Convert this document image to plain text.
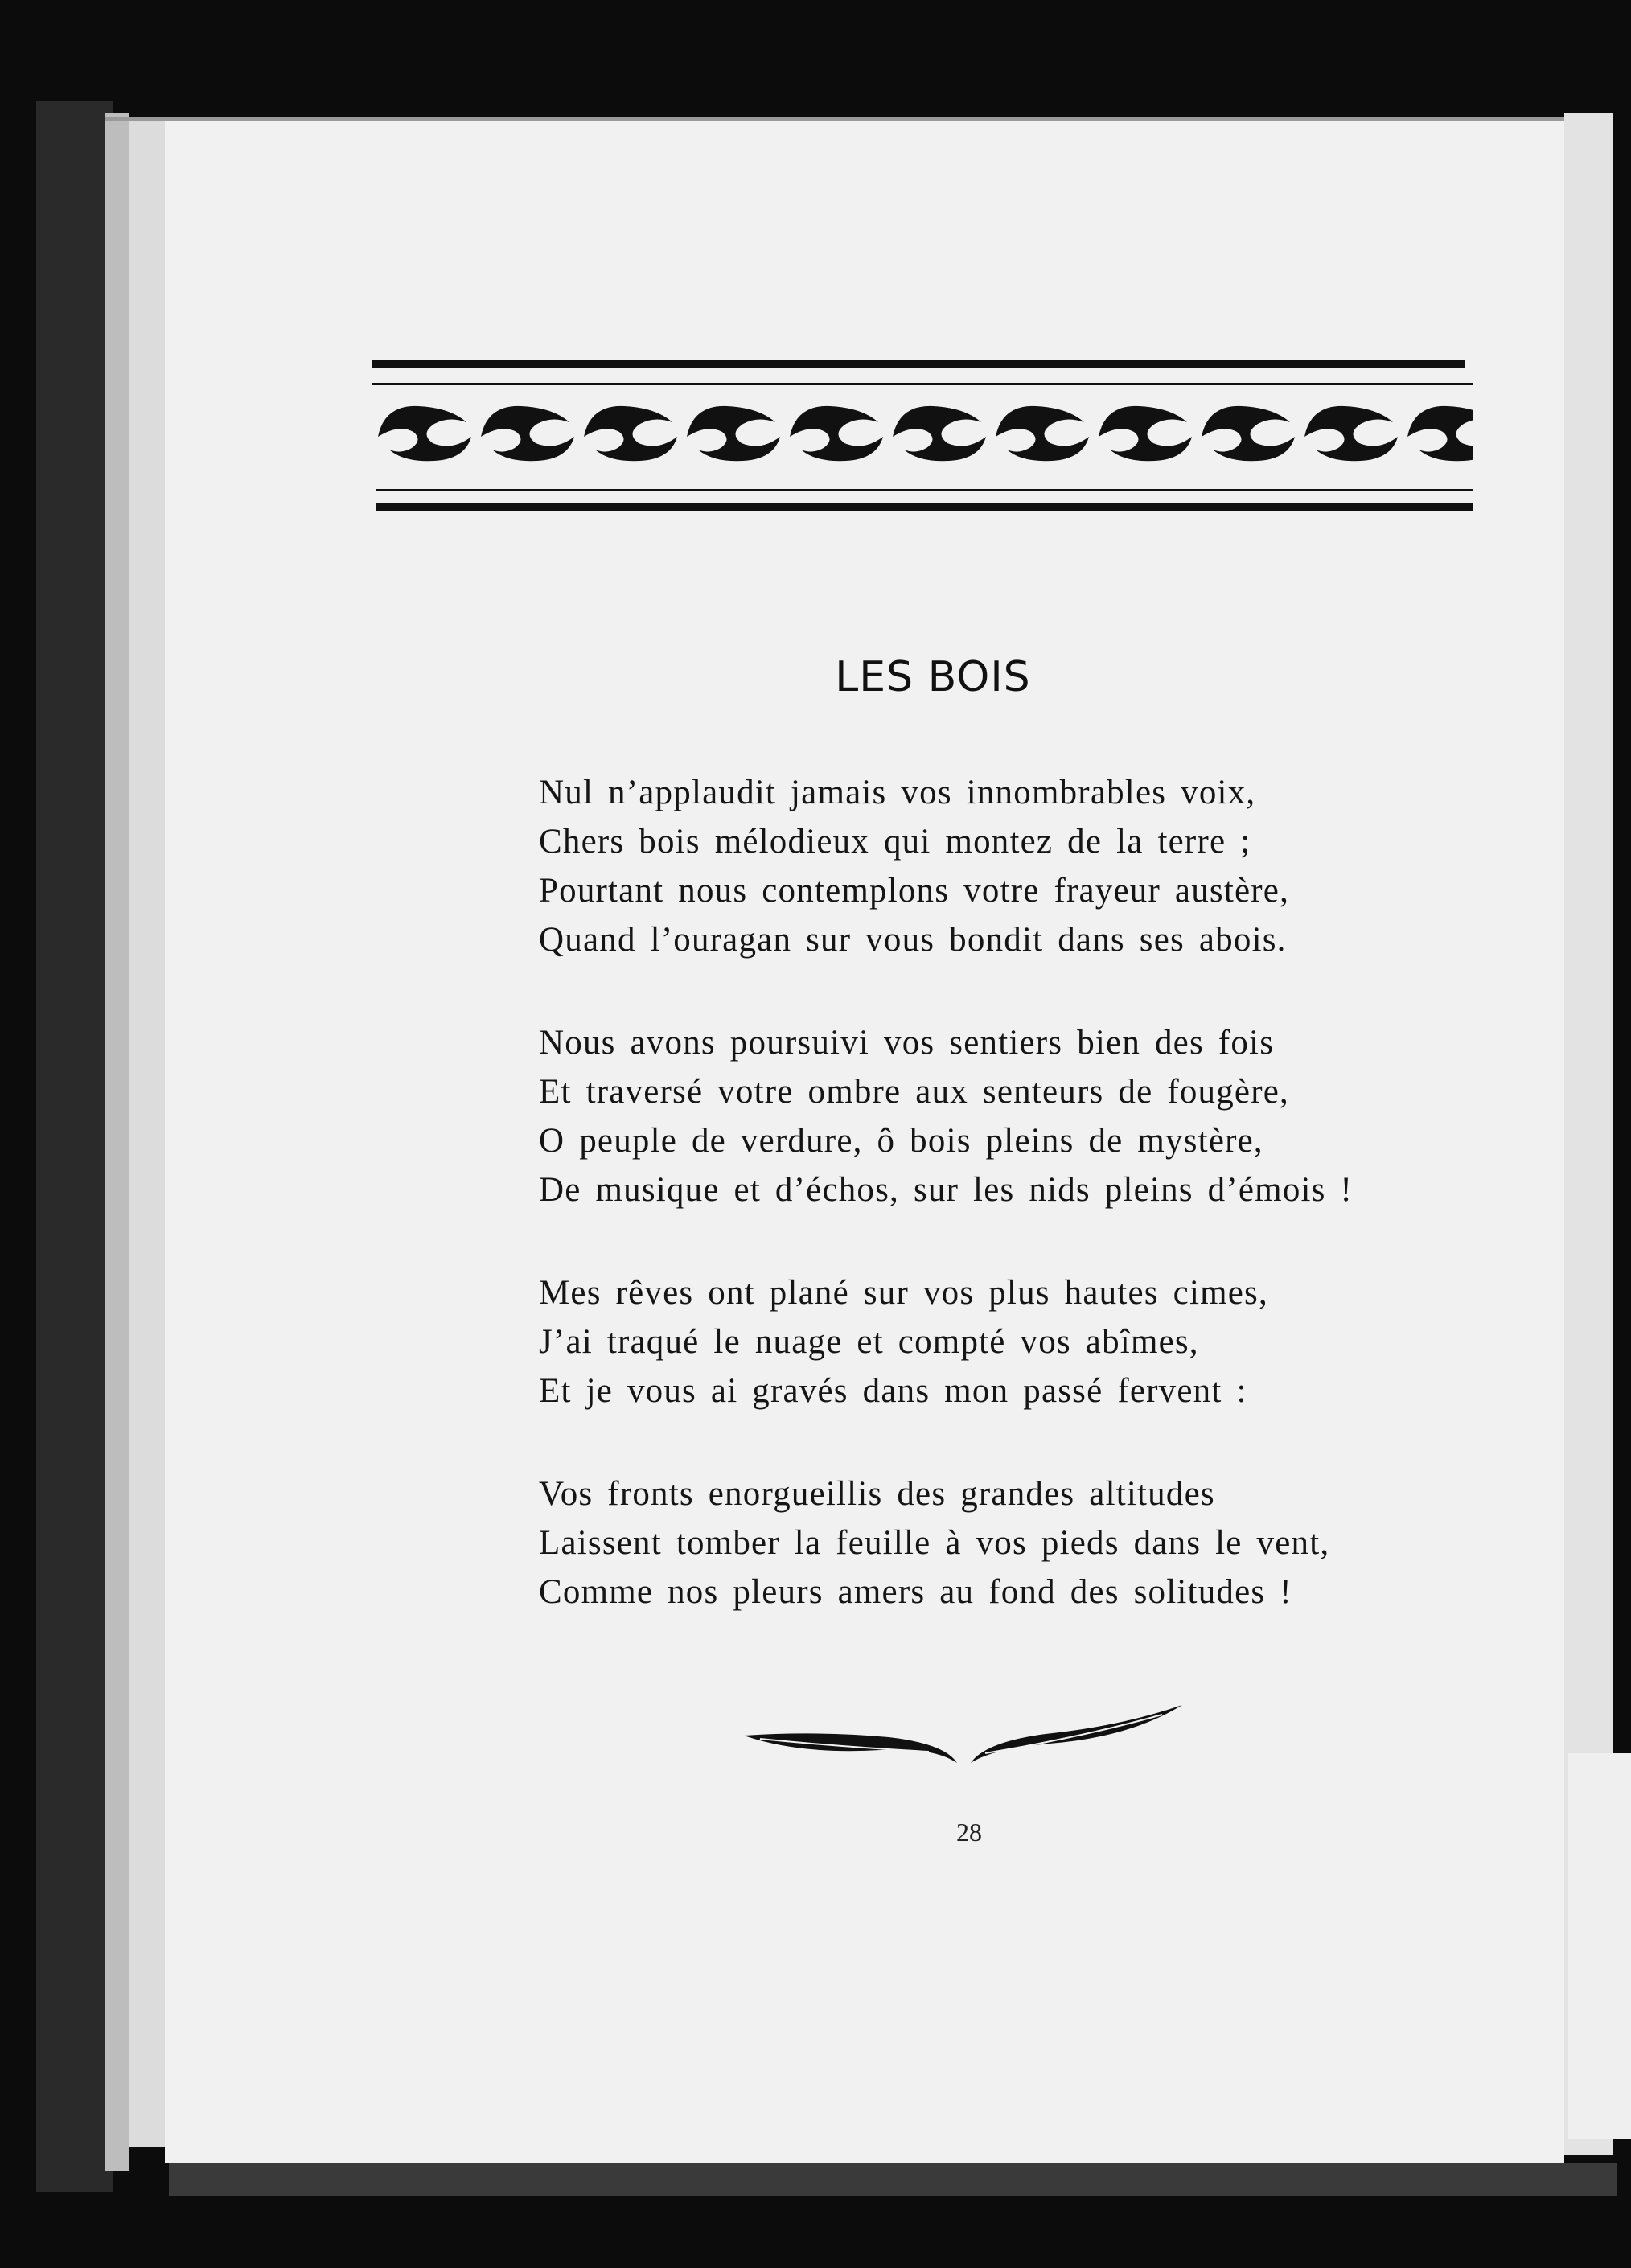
LES BOIS
Nul n’applaudit jamais vos innombrables voix,
Chers bois mélodieux qui montez de la terre ;
Pourtant nous contemplons votre frayeur austère,
Quand l’ouragan sur vous bondit dans ses abois.
Nous avons poursuivi vos sentiers bien des fois
Et traversé votre ombre aux senteurs de fougère,
O peuple de verdure, ô bois pleins de mystère,
De musique et d’échos, sur les nids pleins d’émois !
Mes rêves ont plané sur vos plus hautes cimes,
J’ai traqué le nuage et compté vos abîmes,
Et je vous ai gravés dans mon passé fervent :
Vos fronts enorgueillis des grandes altitudes
Laissent tomber la feuille à vos pieds dans le vent,
Comme nos pleurs amers au fond des solitudes !
28
